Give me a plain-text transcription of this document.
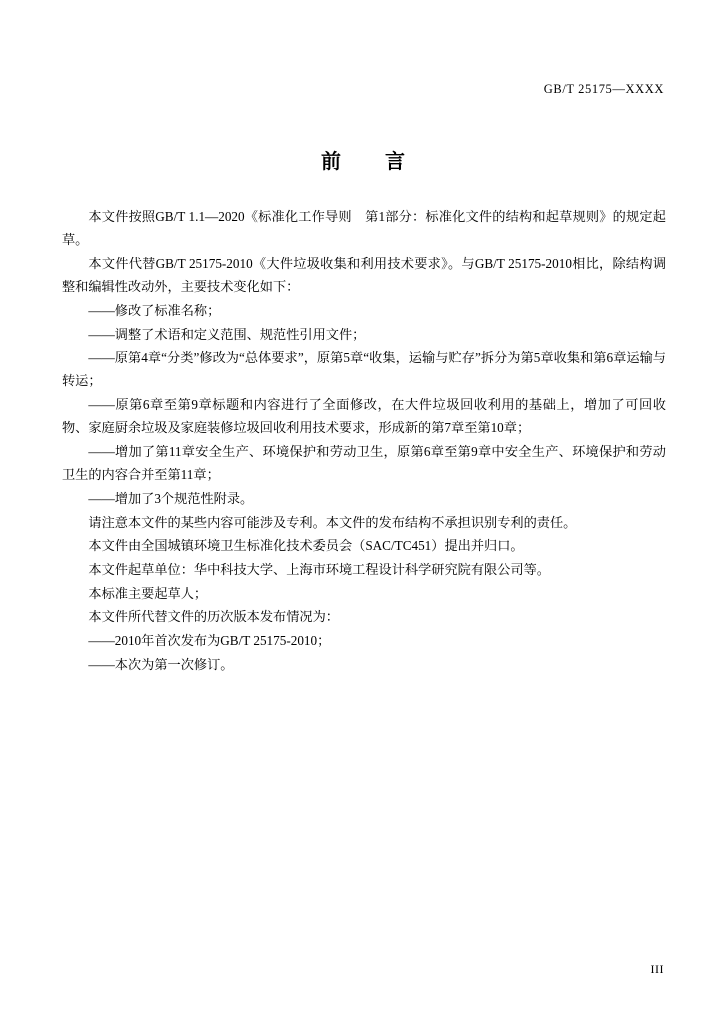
GB/T 25175—XXXX
前　言

本文件按照GB/T 1.1—2020《标准化工作导则　第1部分：标准化文件的结构和起草规则》的规定起草。

本文件代替GB/T 25175-2010《大件垃圾收集和利用技术要求》。与GB/T 25175-2010相比，除结构调整和编辑性改动外，主要技术变化如下：

——修改了标准名称；

——调整了术语和定义范围、规范性引用文件；

——原第4章“分类”修改为“总体要求”，原第5章“收集，运输与贮存”拆分为第5章收集和第6章运输与转运；

——原第6章至第9章标题和内容进行了全面修改，在大件垃圾回收利用的基础上，增加了可回收物、家庭厨余垃圾及家庭装修垃圾回收利用技术要求，形成新的第7章至第10章；

——增加了第11章安全生产、环境保护和劳动卫生，原第6章至第9章中安全生产、环境保护和劳动卫生的内容合并至第11章；

——增加了3个规范性附录。

请注意本文件的某些内容可能涉及专利。本文件的发布结构不承担识别专利的责任。

本文件由全国城镇环境卫生标准化技术委员会（SAC/TC451）提出并归口。

本文件起草单位：华中科技大学、上海市环境工程设计科学研究院有限公司等。

本标准主要起草人；

本文件所代替文件的历次版本发布情况为：

——2010年首次发布为GB/T 25175-2010；

——本次为第一次修订。

III
